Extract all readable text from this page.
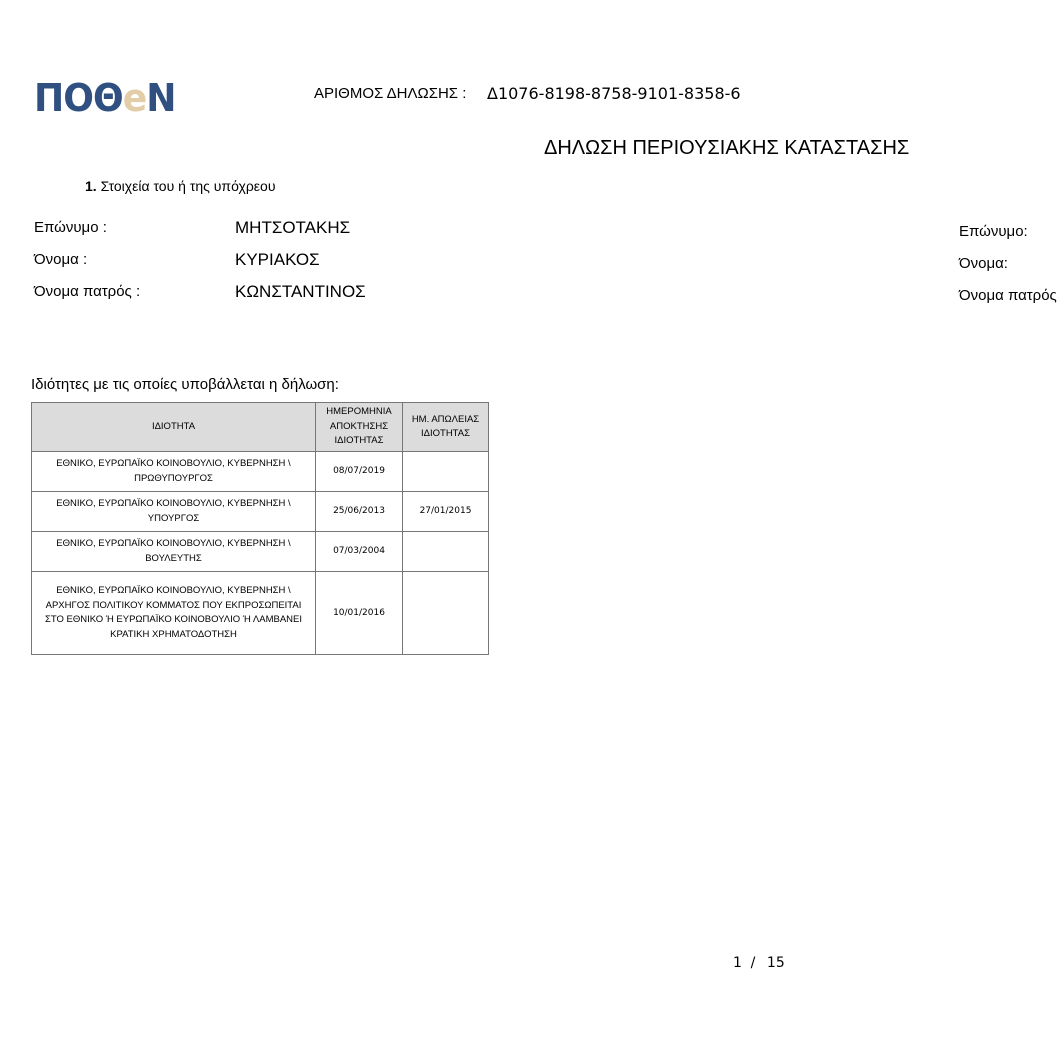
ΠΟΘeΝ	ΑΡΙΘΜΟΣ ΔΗΛΩΣΗΣ : Δ1076-8198-8758-9101-8358-6
ΔΗΛΩΣΗ ΠΕΡΙΟΥΣΙΑΚΗΣ ΚΑΤΑΣΤΑΣΗΣ
1. Στοιχεία του ή της υπόχρεου
Επώνυμο :	ΜΗΤΣΟΤΑΚΗΣ
Όνομα :	ΚΥΡΙΑΚΟΣ
Όνομα πατρός :	ΚΩΝΣΤΑΝΤΙΝΟΣ
Επώνυμο:
Όνομα:
Όνομα πατρός
Ιδιότητες με τις οποίες υποβάλλεται η δήλωση:
ΙΔΙΟΤΗΤΑ	ΗΜΕΡΟΜΗΝΙΑ ΑΠΟΚΤΗΣΗΣ ΙΔΙΟΤΗΤΑΣ	ΗΜ. ΑΠΩΛΕΙΑΣ ΙΔΙΟΤΗΤΑΣ
ΕΘΝΙΚΟ, ΕΥΡΩΠΑΪΚΟ ΚΟΙΝΟΒΟΥΛΙΟ, ΚΥΒΕΡΝΗΣΗ \ ΠΡΩΘΥΠΟΥΡΓΟΣ	08/07/2019	
ΕΘΝΙΚΟ, ΕΥΡΩΠΑΪΚΟ ΚΟΙΝΟΒΟΥΛΙΟ, ΚΥΒΕΡΝΗΣΗ \ ΥΠΟΥΡΓΟΣ	25/06/2013	27/01/2015
ΕΘΝΙΚΟ, ΕΥΡΩΠΑΪΚΟ ΚΟΙΝΟΒΟΥΛΙΟ, ΚΥΒΕΡΝΗΣΗ \ ΒΟΥΛΕΥΤΗΣ	07/03/2004	
ΕΘΝΙΚΟ, ΕΥΡΩΠΑΪΚΟ ΚΟΙΝΟΒΟΥΛΙΟ, ΚΥΒΕΡΝΗΣΗ \ ΑΡΧΗΓΟΣ ΠΟΛΙΤΙΚΟΥ ΚΟΜΜΑΤΟΣ ΠΟΥ ΕΚΠΡΟΣΩΠΕΙΤΑΙ ΣΤΟ ΕΘΝΙΚΟ Ή ΕΥΡΩΠΑΪΚΟ ΚΟΙΝΟΒΟΥΛΙΟ Ή ΛΑΜΒΑΝΕΙ ΚΡΑΤΙΚΗ ΧΡΗΜΑΤΟΔΟΤΗΣΗ	10/01/2016	
1 / 15
